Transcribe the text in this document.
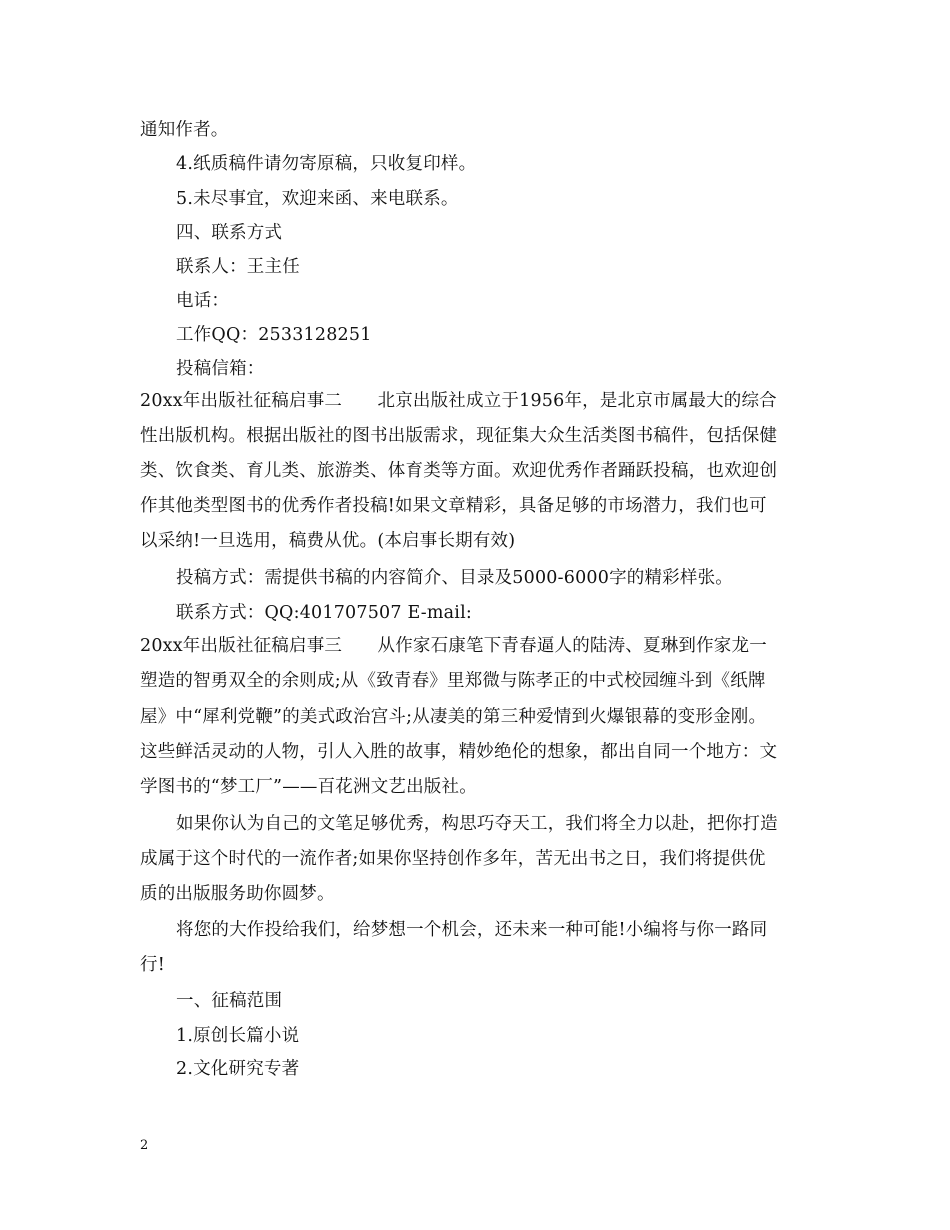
通知作者。
4.纸质稿件请勿寄原稿，只收复印样。
5.未尽事宜，欢迎来函、来电联系。
四、联系方式
联系人：王主任
电话：
工作QQ：2533128251
投稿信箱：
20xx年出版社征稿启事二　　北京出版社成立于1956年，是北京市属最大的综合
性出版机构。根据出版社的图书出版需求，现征集大众生活类图书稿件，包括保健
类、饮食类、育儿类、旅游类、体育类等方面。欢迎优秀作者踊跃投稿，也欢迎创
作其他类型图书的优秀作者投稿!如果文章精彩，具备足够的市场潜力，我们也可
以采纳!一旦选用，稿费从优。(本启事长期有效)
投稿方式：需提供书稿的内容简介、目录及5000-6000字的精彩样张。
联系方式：QQ:401707507 E-mail:
20xx年出版社征稿启事三　　从作家石康笔下青春逼人的陆涛、夏琳到作家龙一
塑造的智勇双全的余则成;从《致青春》里郑微与陈孝正的中式校园缠斗到《纸牌
屋》中“犀利党鞭”的美式政治宫斗;从凄美的第三种爱情到火爆银幕的变形金刚。
这些鲜活灵动的人物，引人入胜的故事，精妙绝伦的想象，都出自同一个地方：文
学图书的“梦工厂”——百花洲文艺出版社。
如果你认为自己的文笔足够优秀，构思巧夺天工，我们将全力以赴，把你打造
成属于这个时代的一流作者;如果你坚持创作多年，苦无出书之日，我们将提供优
质的出版服务助你圆梦。
将您的大作投给我们，给梦想一个机会，还未来一种可能!小编将与你一路同
行!
一、征稿范围
1.原创长篇小说
2.文化研究专著
2
